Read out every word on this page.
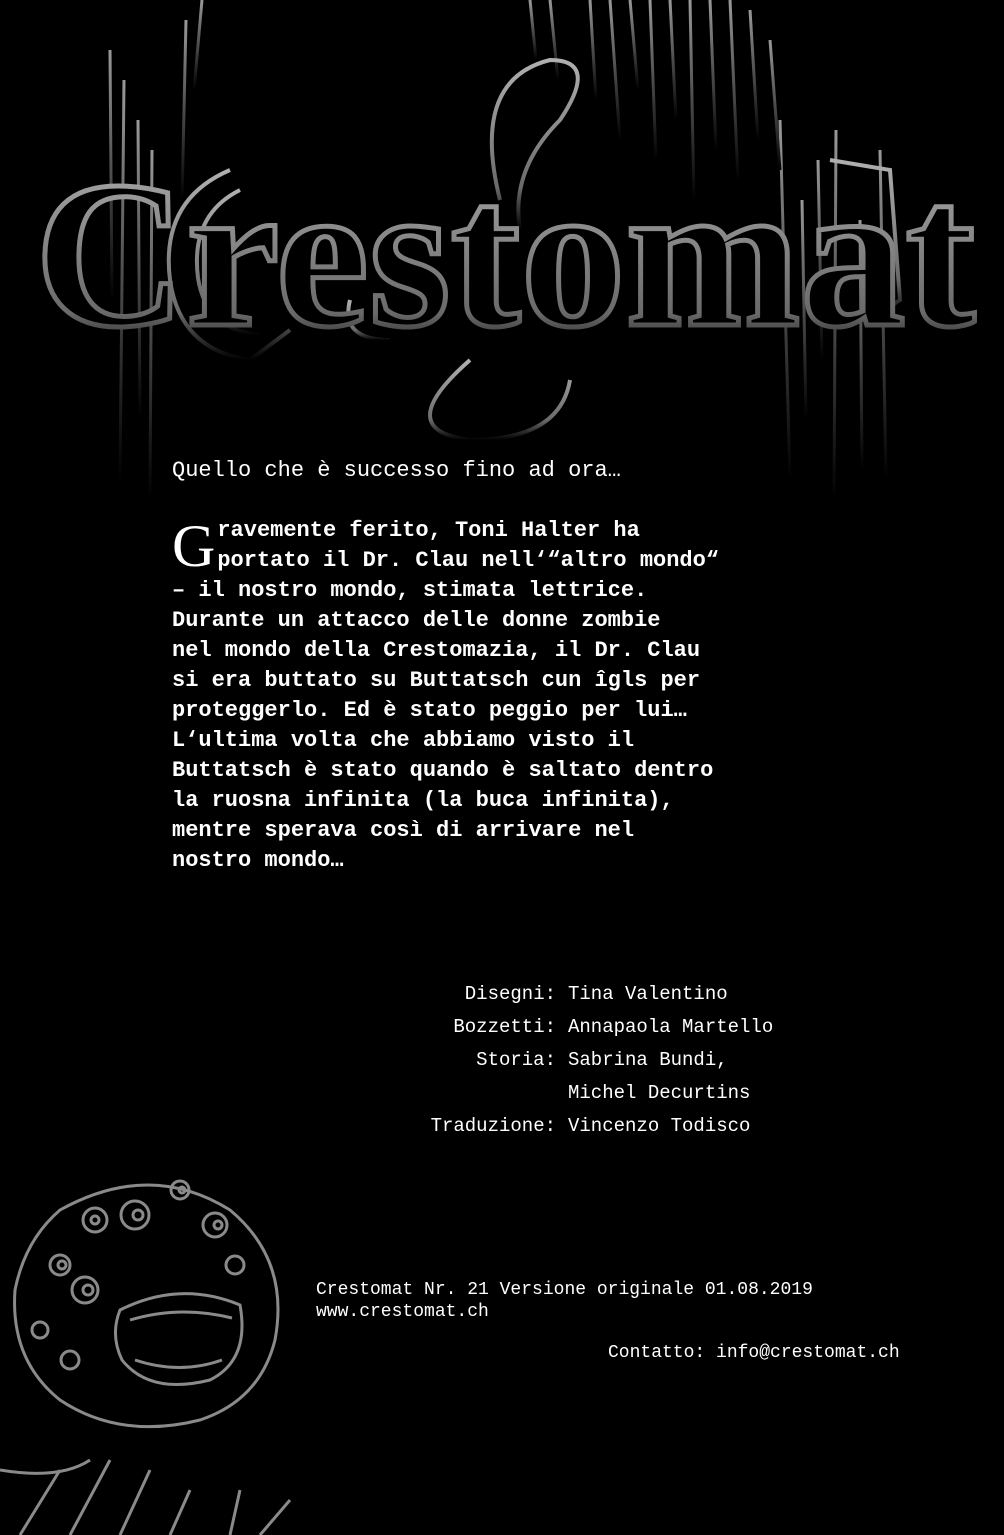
Crestomat
Quello che è successo fino ad ora…
G ravemente ferito, Toni Halter ha
portato il Dr. Clau nell‘“altro mondo“
– il nostro mondo, stimata lettrice.
Durante un attacco delle donne zombie
nel mondo della Crestomazia, il Dr. Clau
si era buttato su Buttatsch cun îgls per
proteggerlo. Ed è stato peggio per lui…
L‘ultima volta che abbiamo visto il
Buttatsch è stato quando è saltato dentro
la ruosna infinita (la buca infinita),
mentre sperava così di arrivare nel
nostro mondo…
Disegni: Tina Valentino
Bozzetti: Annapaola Martello
Storia: Sabrina Bundi,
Michel Decurtins
Traduzione: Vincenzo Todisco
Crestomat Nr. 21 Versione originale 01.08.2019
www.crestomat.ch
Contatto: info@crestomat.ch
